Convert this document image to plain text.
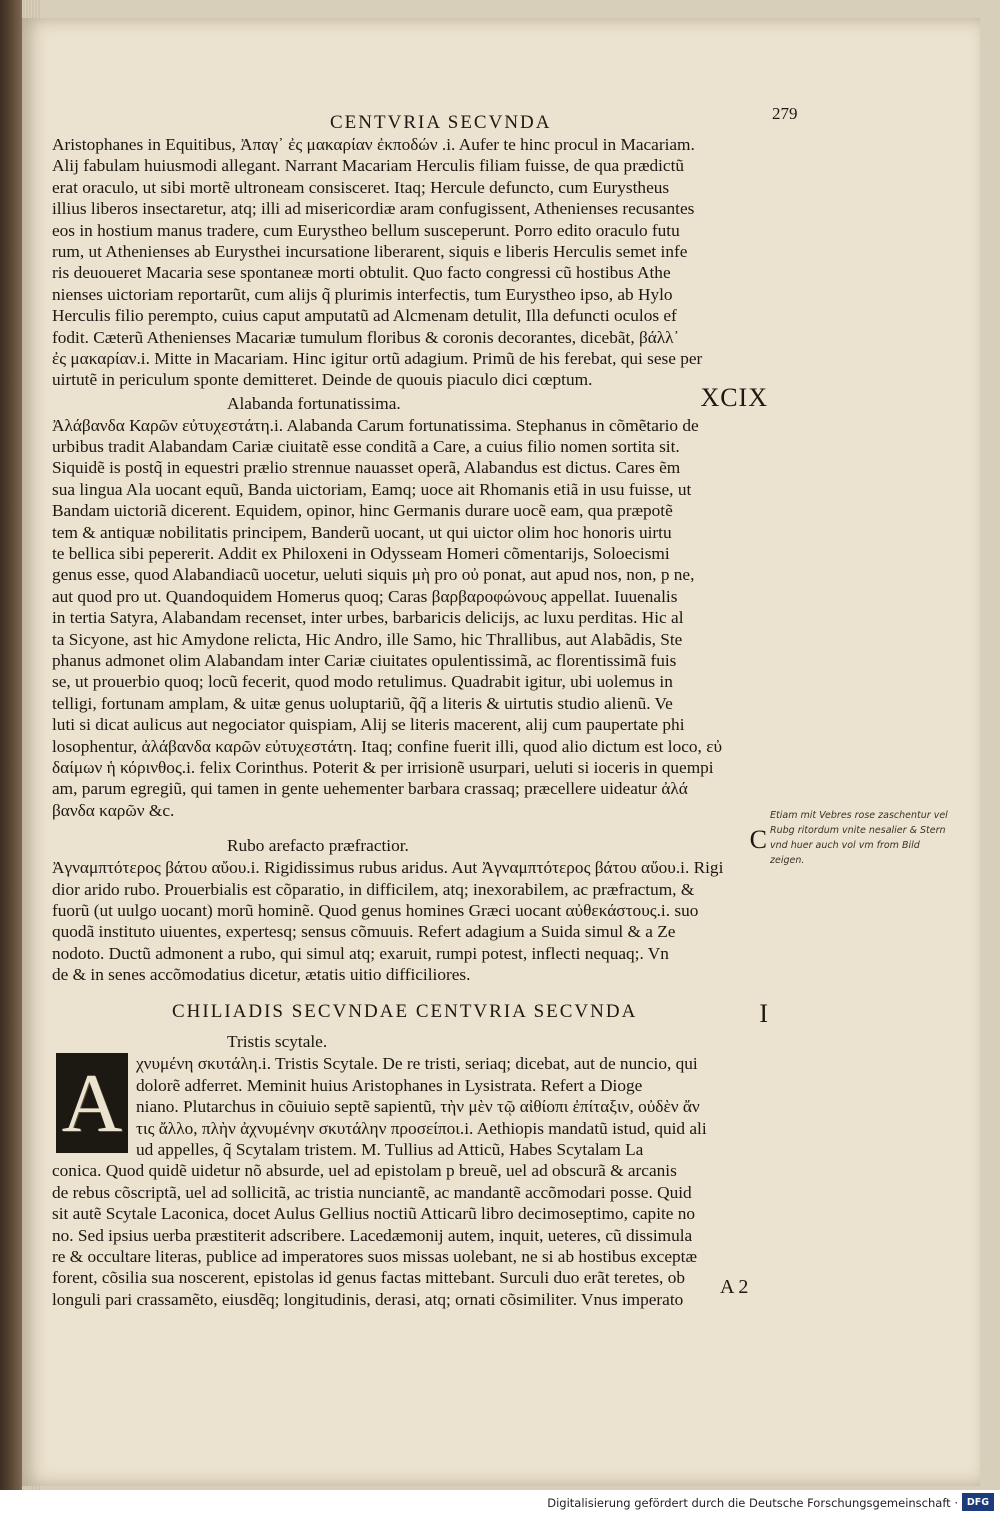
CENTVRIA SECVNDA	279
Aristophanes in Equitibus, Ἀπαγ᾽ ἐς μακαρίαν ἐκποδών .i. Aufer te hinc procul in Macariam.
Alij fabulam huiusmodi allegant. Narrant Macariam Herculis filiam fuisse, de qua prædictũ
erat oraculo, ut sibi mortẽ ultroneam consisceret. Itaq; Hercule defuncto, cum Eurystheus
illius liberos insectaretur, atq; illi ad misericordiæ aram confugissent, Athenienses recusantes
eos in hostium manus tradere, cum Eurystheo bellum susceperunt. Porro edito oraculo futu
rum, ut Athenienses ab Eurysthei incursatione liberarent, siquis e liberis Herculis semet infe
ris deuoueret Macaria sese spontaneæ morti obtulit. Quo facto congressi cũ hostibus Athe
nienses uictoriam reportarũt, cum alijs q̃ plurimis interfectis, tum Eurystheo ipso, ab Hylo
Herculis filio perempto, cuius caput amputatũ ad Alcmenam detulit, Illa defuncti oculos ef
fodit. Cæterũ Athenienses Macariæ tumulum floribus & coronis decorantes, dicebãt, βάλλ᾽
ἐς μακαρίαν.i. Mitte in Macariam. Hinc igitur ortũ adagium. Primũ de his ferebat, qui sese per
uirtutẽ in periculum sponte demitteret. Deinde de quouis piaculo dici cœptum.
Alabanda fortunatissima.	XCIX
Ἀλάβανδα Καρῶν εὐτυχεστάτη.i. Alabanda Carum fortunatissima. Stephanus in cõmẽtario de
urbibus tradit Alabandam Cariæ ciuitatẽ esse conditã a Care, a cuius filio nomen sortita sit.
Siquidẽ is postq̃ in equestri prælio strennue nauasset operã, Alabandus est dictus. Cares ẽm
sua lingua Ala uocant equũ, Banda uictoriam, Eamq; uoce ait Rhomanis etiã in usu fuisse, ut
Bandam uictoriã dicerent. Equidem, opinor, hinc Germanis durare uocẽ eam, qua præpotẽ
tem & antiquæ nobilitatis principem, Banderũ uocant, ut qui uictor olim hoc honoris uirtu
te bellica sibi pepererit. Addit ex Philoxeni in Odysseam Homeri cõmentarijs, Soloecismi
genus esse, quod Alabandiacũ uocetur, ueluti siquis μὴ pro οὐ ponat, aut apud nos, non, p ne,
aut quod pro ut. Quandoquidem Homerus quoq; Caras βαρβαροφώνους appellat. Iuuenalis
in tertia Satyra, Alabandam recenset, inter urbes, barbaricis delicijs, ac luxu perditas. Hic al
ta Sicyone, ast hic Amydone relicta, Hic Andro, ille Samo, hic Thrallibus, aut Alabãdis, Ste
phanus admonet olim Alabandam inter Cariæ ciuitates opulentissimã, ac florentissimã fuis
se, ut prouerbio quoq; locũ fecerit, quod modo retulimus. Quadrabit igitur, ubi uolemus in
telligi, fortunam amplam, & uitæ genus uoluptariũ, q̃q̃ a literis & uirtutis studio alienũ. Ve
luti si dicat aulicus aut negociator quispiam, Alij se literis macerent, alij cum paupertate phi
losophentur, ἀλάβανδα καρῶν εὐτυχεστάτη. Itaq; confine fuerit illi, quod alio dictum est loco, εὐ
δαίμων ἡ κόρινθος.i. felix Corinthus. Poterit & per irrisionẽ usurpari, ueluti si ioceris in quempi
am, parum egregiũ, qui tamen in gente uehementer barbara crassaq; præcellere uideatur ἀλά
βανδα καρῶν &c.
Rubo arefacto præfractior.	C
Ἀγναμπτότερος βάτου αὔου.i. Rigidissimus rubus aridus. Aut Ἀγναμπτότερος βάτου αὔου.i. Rigi
dior arido rubo. Prouerbialis est cõparatio, in difficilem, atq; inexorabilem, ac præfractum, &
fuorũ (ut uulgo uocant) morũ hominẽ. Quod genus homines Græci uocant αὐθεκάστους.i. suo
quodã instituto uiuentes, expertesq; sensus cõmuuis. Refert adagium a Suida simul & a Ze
nodoto. Ductũ admonent a rubo, qui simul atq; exaruit, rumpi potest, inflecti nequaq;. Vn
de & in senes accõmodatius dicetur, ætatis uitio difficiliores.
CHILIADIS SECVNDAE CENTVRIA SECVNDA	I
Tristis scytale.
A χνυμένη σκυτάλη.i. Tristis Scytale. De re tristi, seriaq; dicebat, aut de nuncio, qui
dolorẽ adferret. Meminit huius Aristophanes in Lysistrata. Refert a Dioge
niano. Plutarchus in cõuiuio septẽ sapientũ, τὴν μὲν τῷ αἰθίοπι ἐπίταξιν, οὐδὲν ἄν
τις ἄλλο, πλὴν ἀχνυμένην σκυτάλην προσείποι.i. Aethiopis mandatũ istud, quid ali
ud appelles, q̃ Scytalam tristem. M. Tullius ad Atticũ, Habes Scytalam La
conica. Quod quidẽ uidetur nõ absurde, uel ad epistolam p breuẽ, uel ad obscurã & arcanis
de rebus cõscriptã, uel ad sollicitã, ac tristia nunciantẽ, ac mandantẽ accõmodari posse. Quid
sit autẽ Scytale Laconica, docet Aulus Gellius noctiũ Atticarũ libro decimoseptimo, capite no
no. Sed ipsius uerba præstiterit adscribere. Lacedæmonij autem, inquit, ueteres, cũ dissimula
re & occultare literas, publice ad imperatores suos missas uolebant, ne si ab hostibus exceptæ
forent, cõsilia sua noscerent, epistolas id genus factas mittebant. Surculi duo erãt teretes, ob
longuli pari crassamẽto, eiusdẽq; longitudinis, derasi, atq; ornati cõsimiliter. Vnus imperato
A 2
Etiam mit Vebres rose zaschentur vel
Rubg ritordum vnite nesalier & Stern
vnd huer auch vol vm from Bild
zeigen.
Digitalisierung gefördert durch die Deutsche Forschungsgemeinschaft · DFG
